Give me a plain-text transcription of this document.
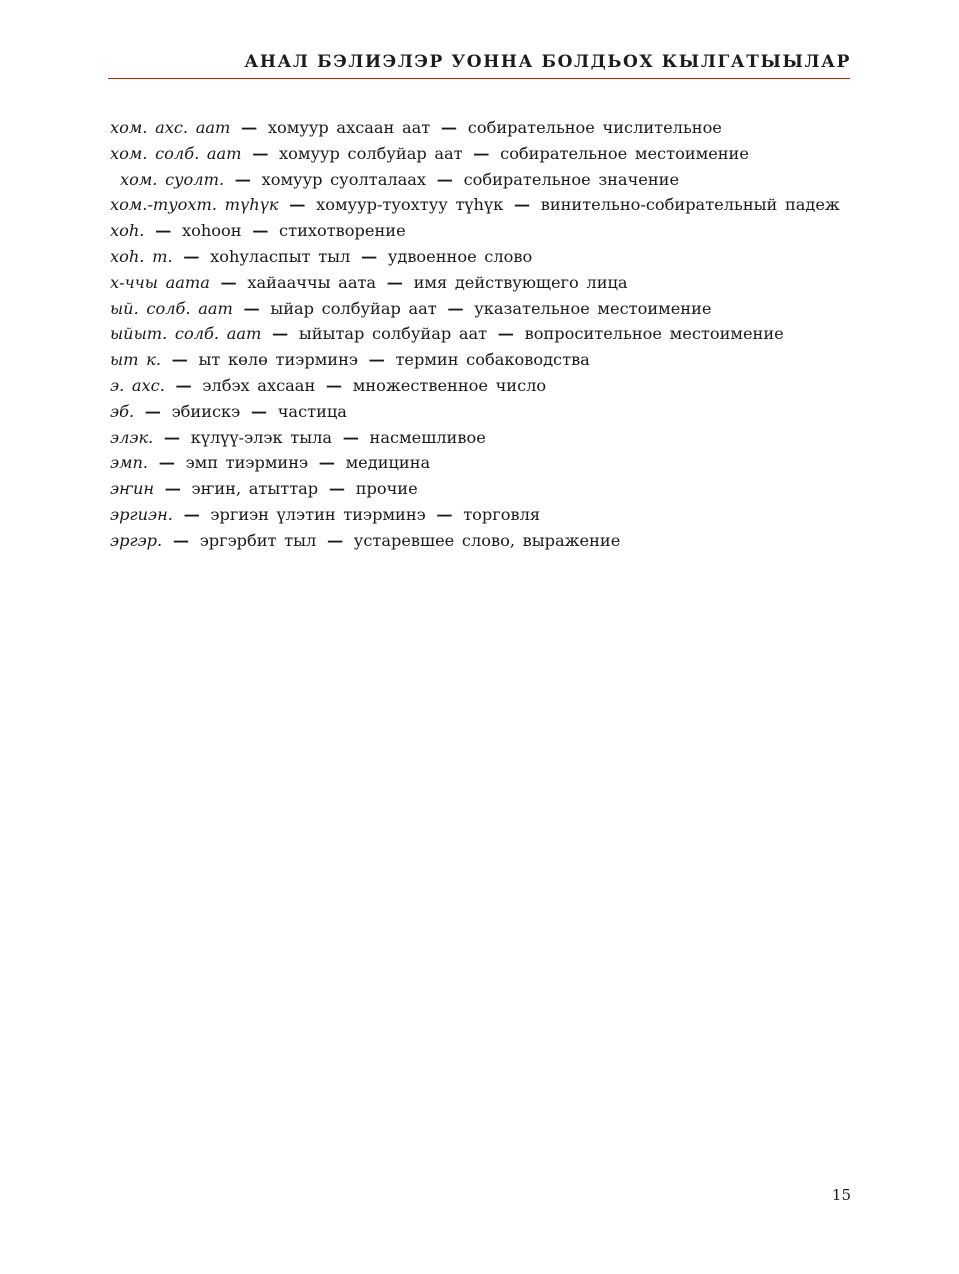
АНАЛ БЭЛИЭЛЭР УОННА БОЛДЬОХ КЫЛГАТЫЫЛАР
хом. ахс. аат — хомуур ахсаан аат — собирательное числительное
хом. солб. аат — хомуур солбуйар аат — собирательное местоимение
хом. суолт. — хомуур суолталаах — собирательное значение
хом.-туохт. түһүк — хомуур-туохтуу түһүк — винительно-собирательный падеж
хоһ. — хоһоон — стихотворение
хоһ. т. — хоһуласпыт тыл — удвоенное слово
х-ччы аата — хайааччы аата — имя действующего лица
ый. солб. аат — ыйар солбуйар аат — указательное местоимение
ыйыт. солб. аат — ыйытар солбуйар аат — вопросительное местоимение
ыт к. — ыт көлө тиэрминэ — термин собаководства
э. ахс. — элбэх ахсаан — множественное число
эб. — эбиискэ — частица
элэк. — күлүү-элэк тыла — насмешливое
эмп. — эмп тиэрминэ — медицина
эҥин — эҥин, атыттар — прочие
эргиэн. — эргиэн үлэтин тиэрминэ — торговля
эргэр. — эргэрбит тыл — устаревшее слово, выражение
15
